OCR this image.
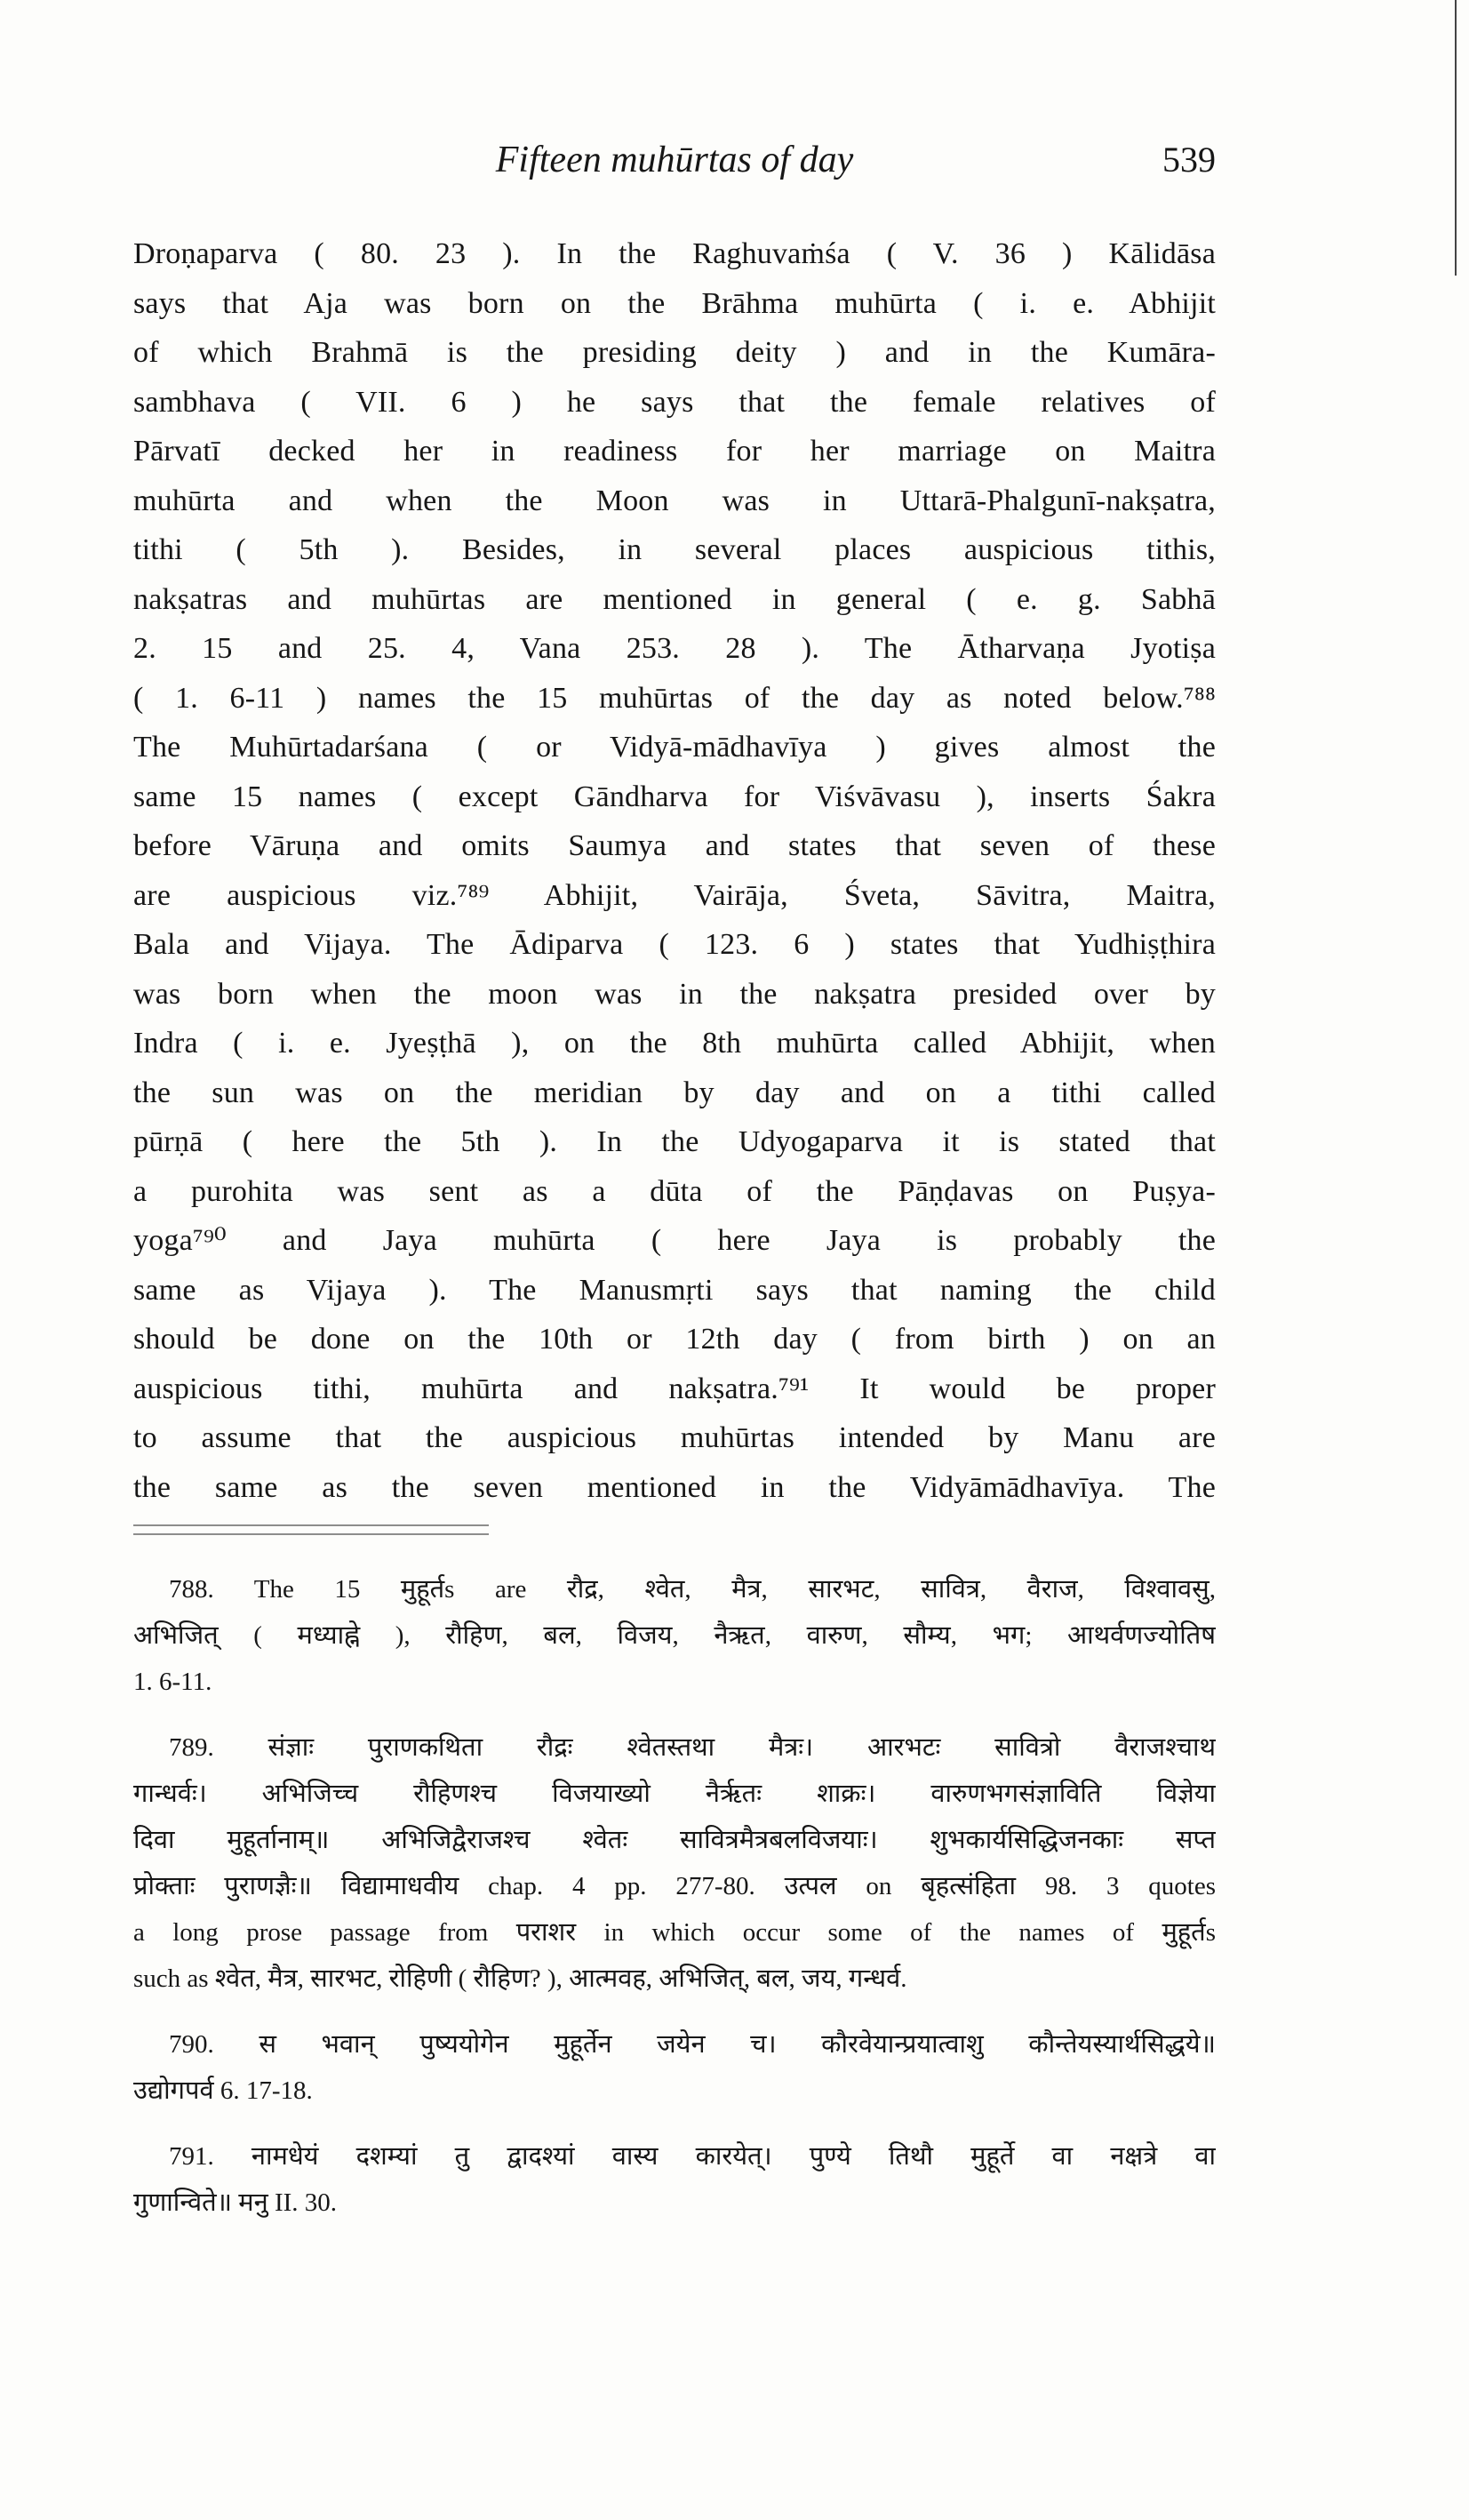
Fifteen muhūrtas of day	539
Droṇaparva ( 80. 23 ). In the Raghuvaṁśa ( V. 36 ) Kālidāsa
says that Aja was born on the Brāhma muhūrta ( i. e. Abhijit
of which Brahmā is the presiding deity ) and in the Kumāra-
sambhava ( VII. 6 ) he says that the female relatives of
Pārvatī decked her in readiness for her marriage on Maitra
muhūrta and when the Moon was in Uttarā-Phalgunī-nakṣatra,
tithi ( 5th ). Besides, in several places auspicious tithis,
nakṣatras and muhūrtas are mentioned in general ( e. g. Sabhā
2. 15 and 25. 4, Vana 253. 28 ). The Ātharvaṇa Jyotiṣa
( 1. 6-11 ) names the 15 muhūrtas of the day as noted below.⁷⁸⁸
The Muhūrtadarśana ( or Vidyā-mādhavīya ) gives almost the
same 15 names ( except Gāndharva for Viśvāvasu ), inserts Śakra
before Vāruṇa and omits Saumya and states that seven of these
are auspicious viz.⁷⁸⁹ Abhijit, Vairāja, Śveta, Sāvitra, Maitra,
Bala and Vijaya. The Ādiparva ( 123. 6 ) states that Yudhiṣṭhira
was born when the moon was in the nakṣatra presided over by
Indra ( i. e. Jyeṣṭhā ), on the 8th muhūrta called Abhijit, when
the sun was on the meridian by day and on a tithi called
pūrṇā ( here the 5th ). In the Udyogaparva it is stated that
a purohita was sent as a dūta of the Pāṇḍavas on Puṣya-
yoga⁷⁹⁰ and Jaya muhūrta ( here Jaya is probably the
same as Vijaya ). The Manusmṛti says that naming the child
should be done on the 10th or 12th day ( from birth ) on an
auspicious tithi, muhūrta and nakṣatra.⁷⁹¹ It would be proper
to assume that the auspicious muhūrtas intended by Manu are
the same as the seven mentioned in the Vidyāmādhavīya. The
788. The 15 मुहूर्तs are रौद्र, श्वेत, मैत्र, सारभट, सावित्र, वैराज, विश्वावसु,
अभिजित् ( मध्याह्ने ), रौहिण, बल, विजय, नैऋत, वारुण, सौम्य, भग; आथर्वणज्योतिष
1. 6-11.
789. संज्ञाः पुराणकथिता रौद्रः श्वेतस्तथा मैत्रः। आरभटः सावित्रो वैराजश्चाथ
गान्धर्वः। अभिजिच्च रौहिणश्च विजयाख्यो नैर्ऋतः शाक्रः। वारुणभगसंज्ञाविति विज्ञेया
दिवा मुहूर्तानाम्॥ अभिजिद्वैराजश्च श्वेतः सावित्रमैत्रबलविजयाः। शुभकार्यसिद्धिजनकाः सप्त
प्रोक्ताः पुराणज्ञैः॥ विद्यामाधवीय chap. 4 pp. 277-80. उत्पल on बृहत्संहिता 98. 3 quotes
a long prose passage from पराशर in which occur some of the names of मुहूर्तs
such as श्वेत, मैत्र, सारभट, रोहिणी ( रौहिण? ), आत्मवह, अभिजित्, बल, जय, गन्धर्व.
790. स भवान् पुष्ययोगेन मुहूर्तेन जयेन च। कौरवेयान्प्रयात्वाशु कौन्तेयस्यार्थसिद्धये॥
उद्योगपर्व 6. 17-18.
791. नामधेयं दशम्यां तु द्वादश्यां वास्य कारयेत्। पुण्ये तिथौ मुहूर्ते वा नक्षत्रे वा
गुणान्विते॥ मनु II. 30.
